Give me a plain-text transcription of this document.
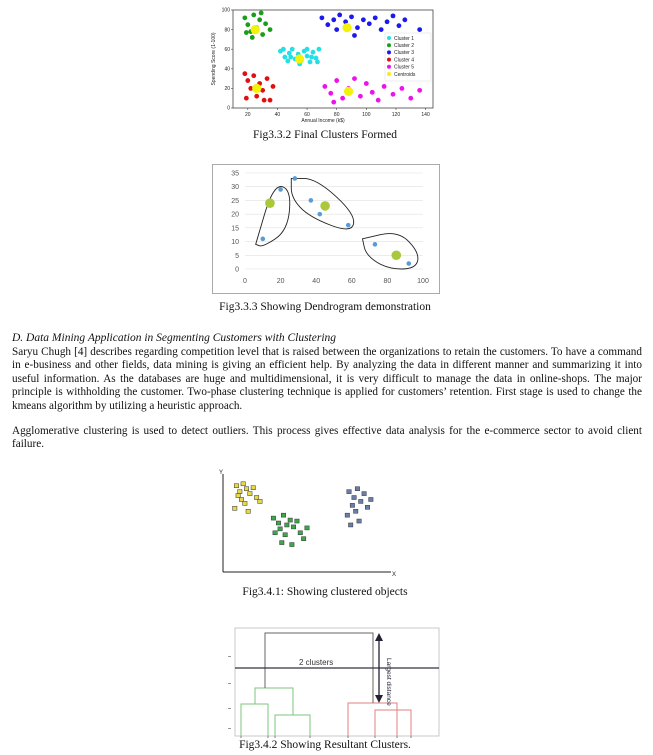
20	40	60	80	100	120	140
0
20
40
60
80
100
Annual Income (k$)
Spending Score (1-100)	Cluster 1
Cluster 2
Cluster 3
Cluster 4
Cluster 5
Centroids
Fig3.3.2 Final Clusters Formed
0
5
10
15
20
25
30
35
0	20	40	60	80	100
Fig3.3.3 Showing Dendrogram demonstration
D. Data Mining Application in Segmenting Customers with Clustering

Saryu Chugh [4] describes regarding competition level that is raised between the organizations to retain the customers. To have a command in e-business and other fields, data mining is giving an efficient help. By analyzing the data in different manner and summarizing it into useful information. As the databases are huge and multidimensional, it is very difficult to manage the data in online-shops. The major principle is withholding the customer. Two-phase clustering technique is applied for customers’ retention. First stage is used to change the kmeans algorithm by utilizing a heuristic approach.

Agglomerative clustering is used to detect outliers. This process gives effective data analysis for the e-commerce sector to avoid client failure.

X
Y
Fig3.4.1: Showing clustered objects
2 clusters	Largest distance
Fig3.4.2 Showing Resultant Clusters.
